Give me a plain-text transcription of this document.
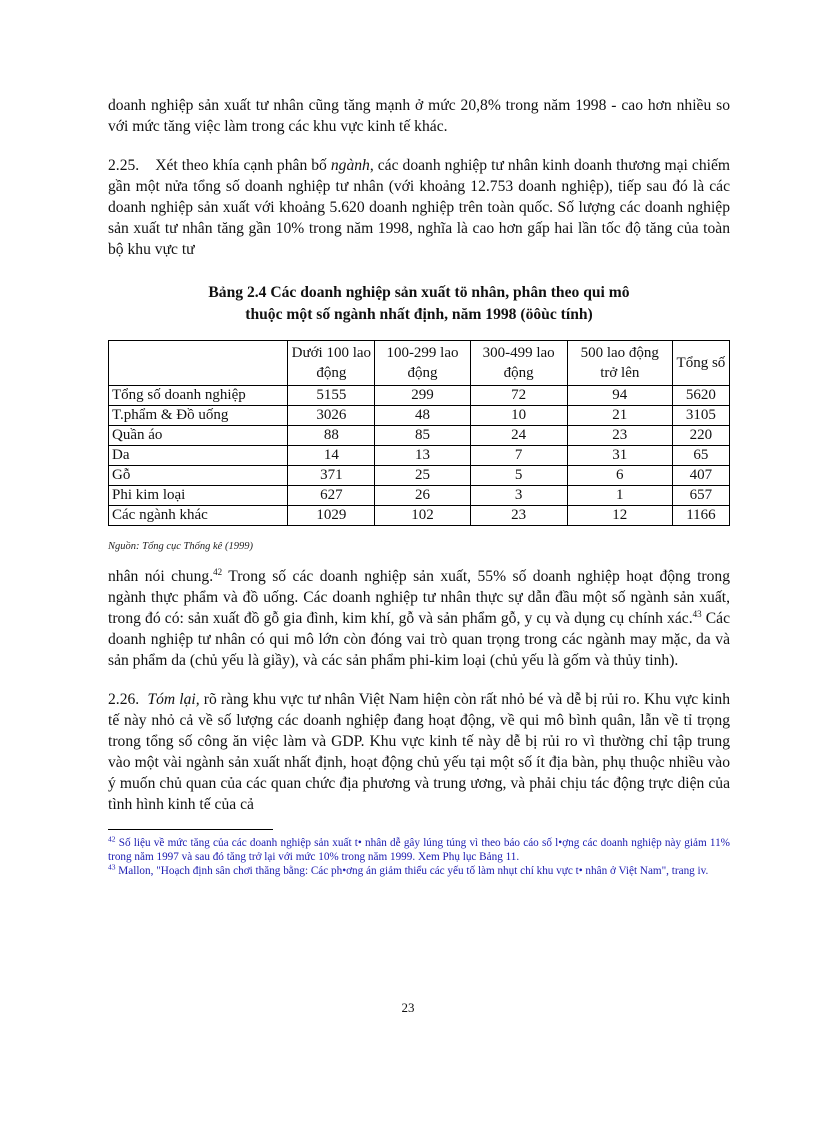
doanh nghiệp sản xuất tư nhân cũng tăng mạnh ở mức 20,8% trong năm 1998 - cao hơn nhiều so với mức tăng việc làm trong các khu vực kinh tế khác.

2.25. Xét theo khía cạnh phân bố ngành, các doanh nghiệp tư nhân kinh doanh thương mại chiếm gần một nửa tổng số doanh nghiệp tư nhân (với khoảng 12.753 doanh nghiệp), tiếp sau đó là các doanh nghiệp sản xuất với khoảng 5.620 doanh nghiệp trên toàn quốc. Số lượng các doanh nghiệp sản xuất tư nhân tăng gần 10% trong năm 1998, nghĩa là cao hơn gấp hai lần tốc độ tăng của toàn bộ khu vực tư

Bảng 2.4 Các doanh nghiệp sản xuất tö nhân, phân theo qui mô
thuộc một số ngành nhất định, năm 1998 (öôùc tính)
	Dưới 100 lao động	100-299 lao động	300-499 lao động	500 lao động trở lên	Tổng số
Tổng số doanh nghiệp	5155	299	72	94	5620
T.phẩm & Đồ uống	3026	48	10	21	3105
Quần áo	88	85	24	23	220
Da	14	13	7	31	65
Gỗ	371	25	5	6	407
Phi kim loại	627	26	3	1	657
Các ngành khác	1029	102	23	12	1166
Nguồn: Tổng cục Thống kê (1999)

nhân nói chung.$^{42}$ Trong số các doanh nghiệp sản xuất, 55% số doanh nghiệp hoạt động trong ngành thực phẩm và đồ uống. Các doanh nghiệp tư nhân thực sự dẫn đầu một số ngành sản xuất, trong đó có: sản xuất đồ gỗ gia đình, kim khí, gỗ và sản phẩm gỗ, y cụ và dụng cụ chính xác.$^{43}$ Các doanh nghiệp tư nhân có qui mô lớn còn đóng vai trò quan trọng trong các ngành may mặc, da và sản phẩm da (chủ yếu là giầy), và các sản phẩm phi-kim loại (chủ yếu là gốm và thủy tinh).

2.26. Tóm lại, rõ ràng khu vực tư nhân Việt Nam hiện còn rất nhỏ bé và dễ bị rủi ro. Khu vực kinh tế này nhỏ cả về số lượng các doanh nghiệp đang hoạt động, về qui mô bình quân, lẫn về tỉ trọng trong tổng số công ăn việc làm và GDP. Khu vực kinh tế này dễ bị rủi ro vì thường chỉ tập trung vào một vài ngành sản xuất nhất định, hoạt động chủ yếu tại một số ít địa bàn, phụ thuộc nhiều vào ý muốn chủ quan của các quan chức địa phương và trung ương, và phải chịu tác động trực diện của tình hình kinh tế của cả

$^{42}$ Số liệu về mức tăng của các doanh nghiệp sản xuất t• nhân dễ gây lúng túng vì theo báo cáo số l•ợng các doanh nghiệp này giảm 11% trong năm 1997 và sau đó tăng trở lại với mức 10% trong năm 1999. Xem Phụ lục Bảng 11.

$^{43}$ Mallon, "Hoạch định sân chơi thăng bằng: Các ph•ơng án giảm thiểu các yếu tố làm nhụt chí khu vực t• nhân ở Việt Nam", trang iv.

23
